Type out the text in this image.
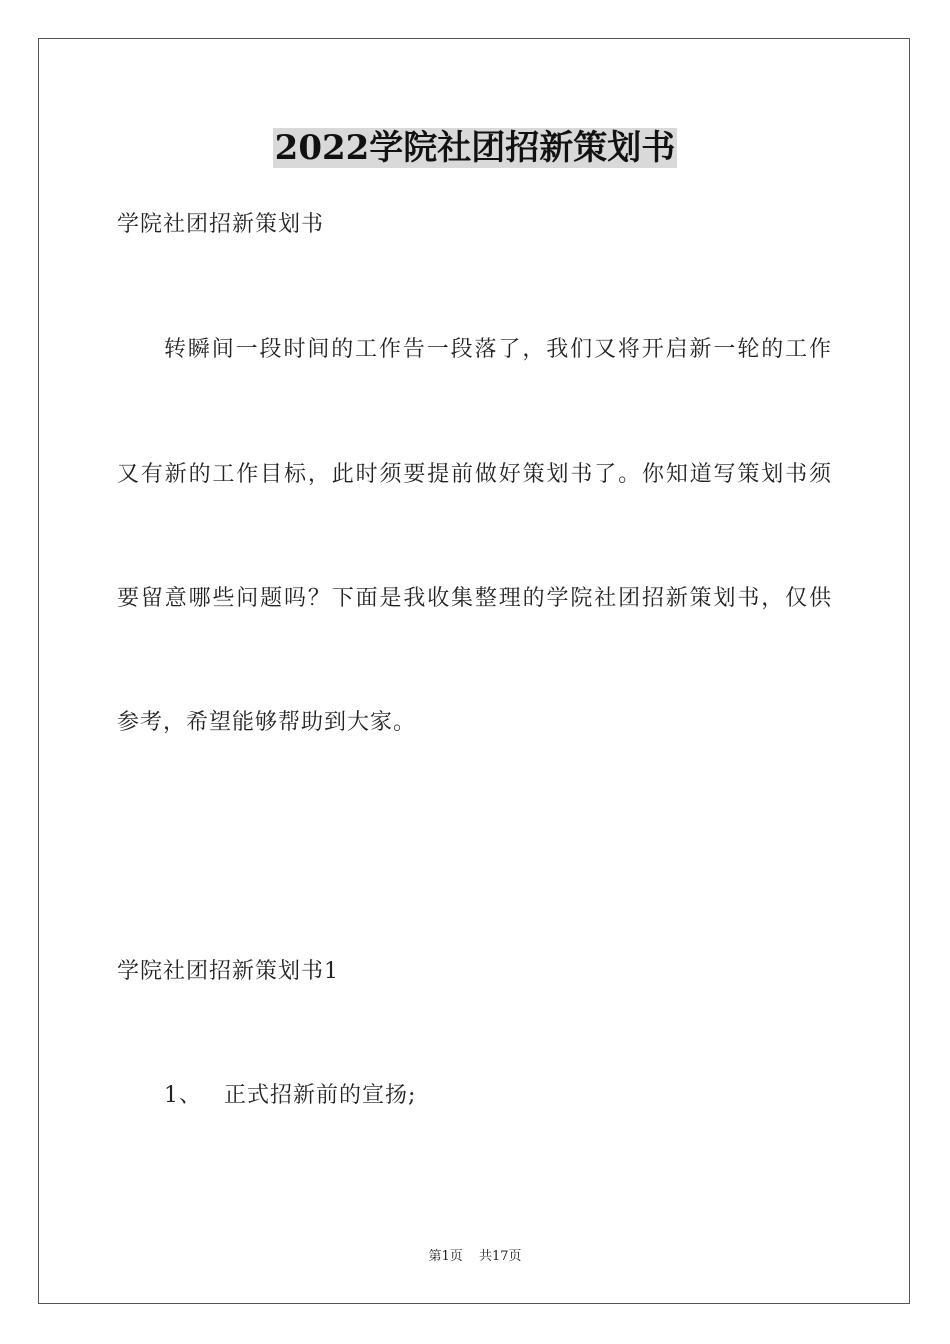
2022学院社团招新策划书
学院社团招新策划书
转瞬间一段时间的工作告一段落了，我们又将开启新一轮的工作
又有新的工作目标，此时须要提前做好策划书了。你知道写策划书须
要留意哪些问题吗？下面是我收集整理的学院社团招新策划书，仅供
参考，希望能够帮助到大家。
学院社团招新策划书1
1、 正式招新前的宣扬;
第1页 共17页
